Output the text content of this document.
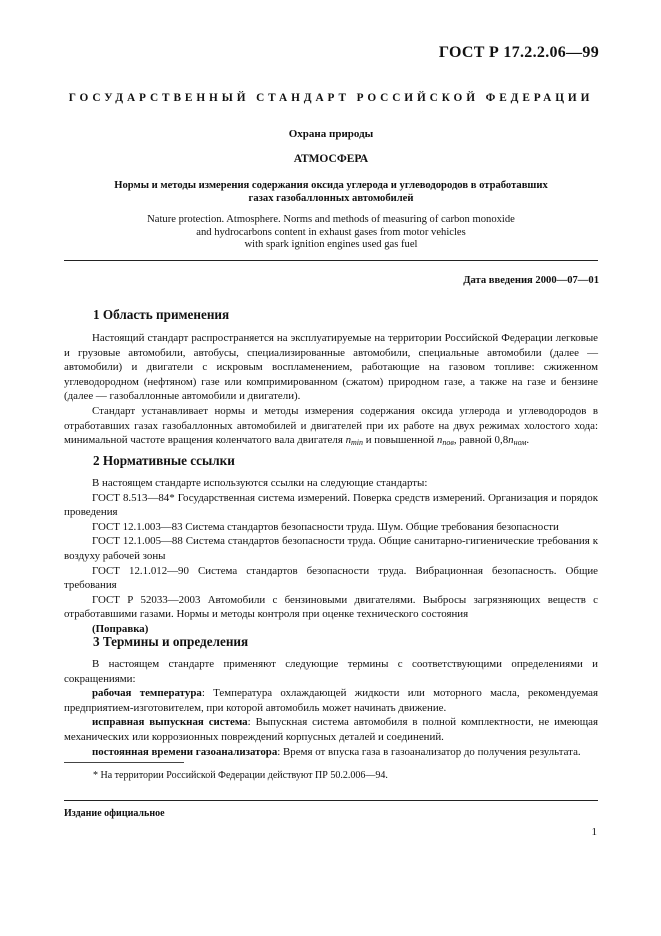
ГОСТ Р 17.2.2.06—99
ГОСУДАРСТВЕННЫЙ СТАНДАРТ РОССИЙСКОЙ ФЕДЕРАЦИИ
Охрана природы
АТМОСФЕРА
Нормы и методы измерения содержания оксида углерода и углеводородов в отработавших
газах газобаллонных автомобилей
Nature protection. Atmosphere. Norms and methods of measuring of carbon monoxide
and hydrocarbons content in exhaust gases from motor vehicles
with spark ignition engines used gas fuel
Дата введения 2000—07—01
1 Область применения

Настоящий стандарт распространяется на эксплуатируемые на территории Российской Федерации легковые и грузовые автомобили, автобусы, специализированные автомобили, специальные автомобили (далее — автомобили) и двигатели с искровым воспламенением, работающие на газовом топливе: сжиженном углеводородном (нефтяном) газе или компримированном (сжатом) природном газе, а также на газе и бензине (далее — газобаллонные автомобили и двигатели).

Стандарт устанавливает нормы и методы измерения содержания оксида углерода и углеводородов в отработавших газах газобаллонных автомобилей и двигателей при их работе на двух режимах холостого хода: минимальной частоте вращения коленчатого вала двигателя $n_{min}$ и повышенной $n_{пов}$, равной $0,8n_{ном}$.

2 Нормативные ссылки

В настоящем стандарте используются ссылки на следующие стандарты:

ГОСТ 8.513—84* Государственная система измерений. Поверка средств измерений. Организация и порядок проведения

ГОСТ 12.1.003—83 Система стандартов безопасности труда. Шум. Общие требования безопасности

ГОСТ 12.1.005—88 Система стандартов безопасности труда. Общие санитарно-гигиенические требования к воздуху рабочей зоны

ГОСТ 12.1.012—90 Система стандартов безопасности труда. Вибрационная безопасность. Общие требования

ГОСТ Р 52033—2003 Автомобили с бензиновыми двигателями. Выбросы загрязняющих веществ с отработавшими газами. Нормы и методы контроля при оценке технического состояния

(Поправка)

3 Термины и определения

В настоящем стандарте применяют следующие термины с соответствующими определениями и сокращениями:

рабочая температура: Температура охлаждающей жидкости или моторного масла, рекомендуемая предприятием-изготовителем, при которой автомобиль может начинать движение.

исправная выпускная система: Выпускная система автомобиля в полной комплектности, не имеющая механических или коррозионных повреждений корпусных деталей и соединений.

постоянная времени газоанализатора: Время от впуска газа в газоанализатор до получения результата.

* На территории Российской Федерации действуют ПР 50.2.006—94.
Издание официальное
1
